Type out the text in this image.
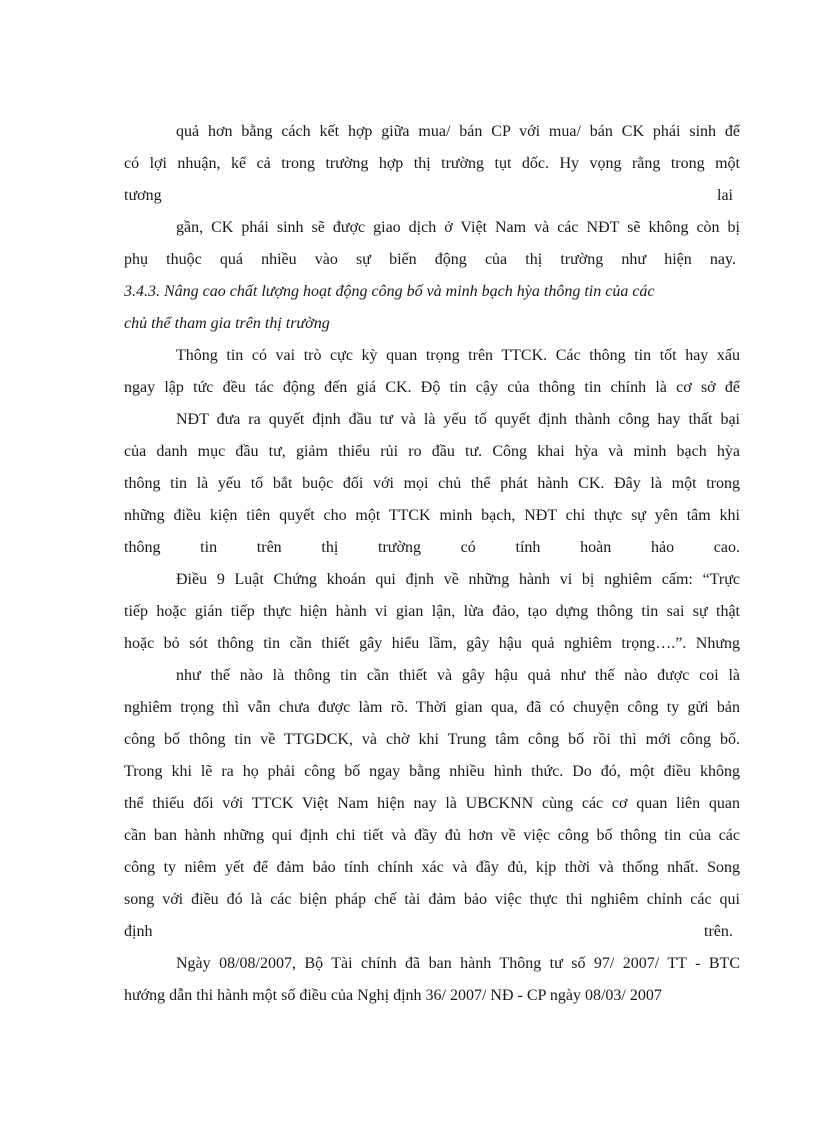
quả hơn bằng cách kết hợp giữa mua/ bán CP với mua/ bán CK phái sinh để
có lợi nhuận, kể cả trong trường hợp thị trường tụt dốc. Hy vọng rằng trong một
tương	lai
gần, CK phái sinh sẽ được giao dịch ở Việt Nam và các NĐT sẽ không còn bị
phụ thuộc quá nhiều vào sự biến động của thị trường như hiện nay.
3.4.3. Nâng cao chất lượng hoạt động công bố và minh bạch hỳa thông tin của các
chủ thể tham gia trên thị trường
Thông tin có vai trò cực kỳ quan trọng trên TTCK. Các thông tin tốt hay xấu
ngay lập tức đều tác động đến giá CK. Độ tin cậy của thông tin chính là cơ sở để
NĐT đưa ra quyết định đầu tư và là yếu tố quyết định thành công hay thất bại
của danh mục đầu tư, giảm thiểu rủi ro đầu tư. Công khai hỳa và minh bạch hỳa
thông tin là yếu tố bắt buộc đối với mọi chủ thể phát hành CK. Đây là một trong
những điều kiện tiên quyết cho một TTCK minh bạch, NĐT chỉ thực sự yên tâm khi
thông tin trên thị trường có tính hoàn hảo cao.
Điều 9 Luật Chứng khoán qui định về những hành vi bị nghiêm cấm: “Trực
tiếp hoặc gián tiếp thực hiện hành vi gian lận, lừa đảo, tạo dựng thông tin sai sự thật
hoặc bỏ sót thông tin cần thiết gây hiểu lầm, gây hậu quả nghiêm trọng….”. Nhưng
như thế nào là thông tin cần thiết và gây hậu quả như thế nào được coi là
nghiêm trọng thì vẫn chưa được làm rõ. Thời gian qua, đã có chuyện công ty gửi bản
công bố thông tin về TTGDCK, và chờ khi Trung tâm công bố rồi thì mới công bố.
Trong khi lẽ ra họ phải công bố ngay bằng nhiều hình thức. Do đó, một điều không
thể thiếu đối với TTCK Việt Nam hiện nay là UBCKNN cùng các cơ quan liên quan
cần ban hành những qui định chi tiết và đầy đủ hơn về việc công bố thông tin của các
công ty niêm yết để đảm bảo tính chính xác và đầy đủ, kịp thời và thống nhất. Song
song với điều đó là các biện pháp chế tài đảm bảo việc thực thi nghiêm chỉnh các qui
định	trên.
Ngày 08/08/2007, Bộ Tài chính đã ban hành Thông tư số 97/ 2007/ TT - BTC
hướng dẫn thi hành một số điều của Nghị định 36/ 2007/ NĐ - CP ngày 08/03/ 2007
